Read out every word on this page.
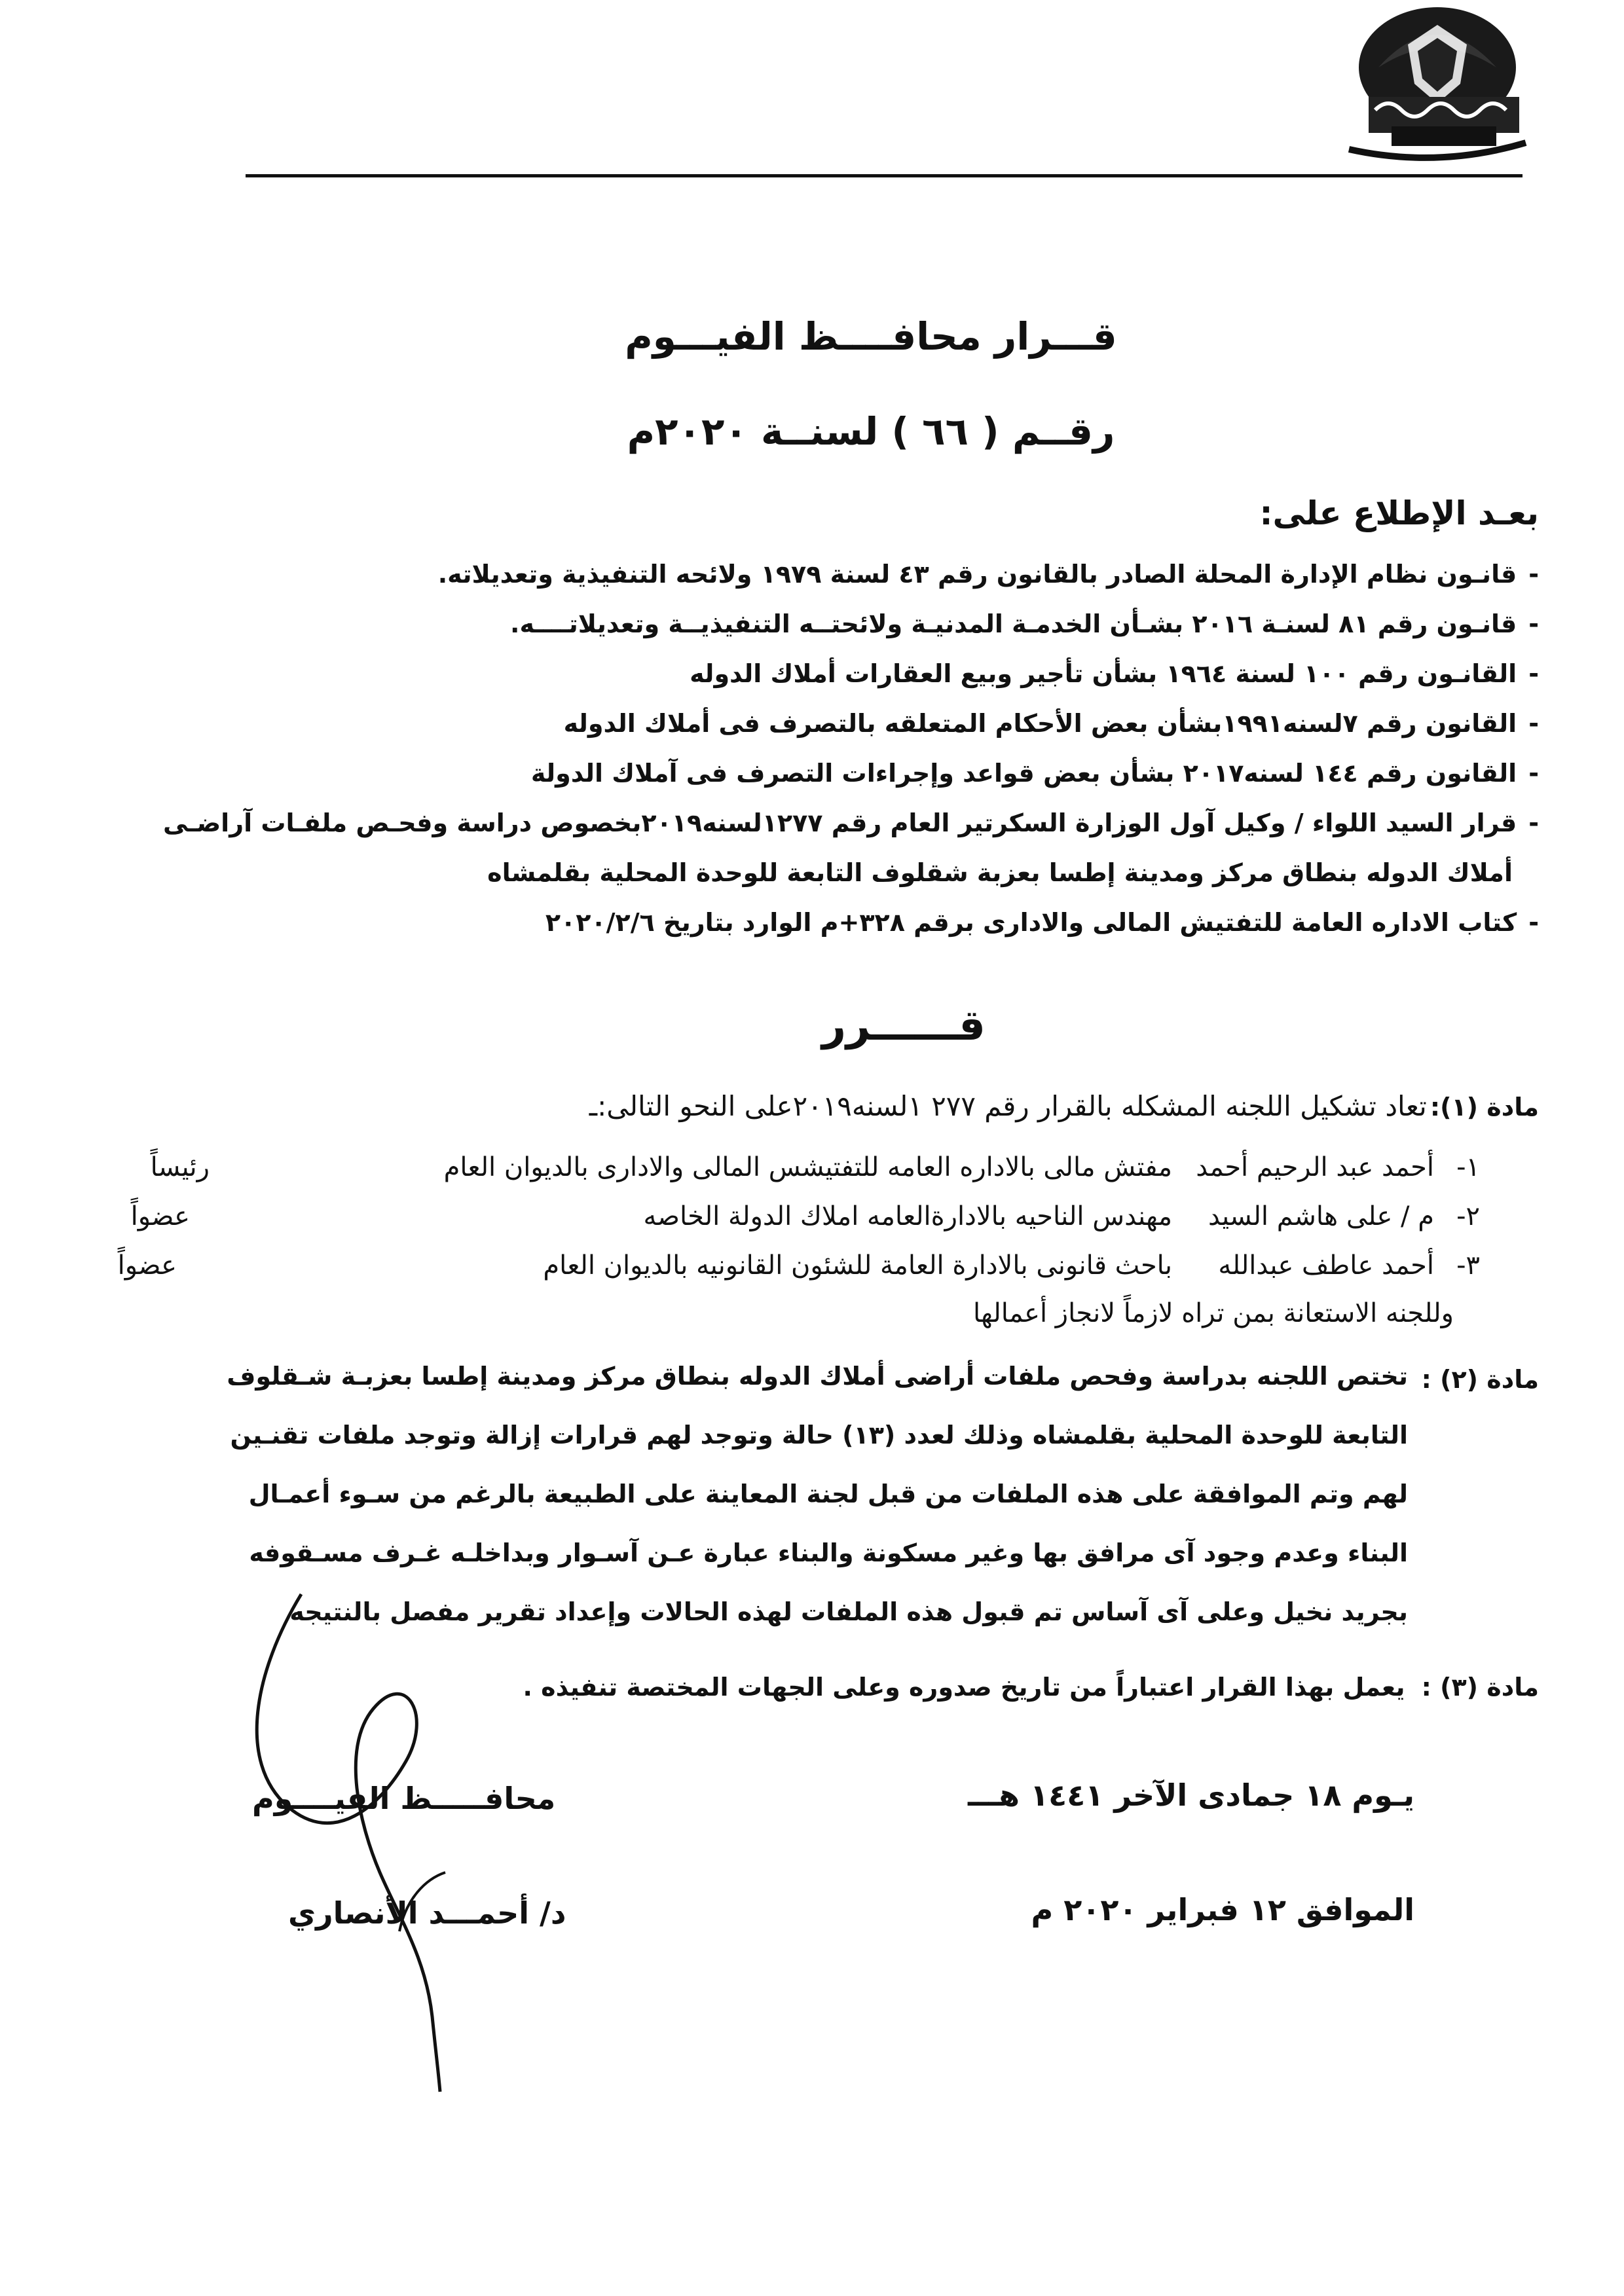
قـــرار محافــــظ الفيـــوم
رقــم ( ٦٦ ) لسنــة ٢٠٢٠م
بعـد الإطلاع على:
-قانـون نظام الإدارة المحلة الصادر بالقانون رقم ٤٣ لسنة ١٩٧٩ ولائحه التنفيذية وتعديلاته.
-قانـون رقم ٨١ لسنـة ٢٠١٦ بشـأن الخدمـة المدنيـة ولائحتــه التنفيذيــة وتعديلاتــــه.
-القانـون رقم ١٠٠ لسنة ١٩٦٤ بشأن تأجير وبيع العقارات أملاك الدوله
-القانون رقم ٧لسنه١٩٩١بشأن بعض الأحكام المتعلقه بالتصرف فى أملاك الدوله
-القانون رقم ١٤٤ لسنه٢٠١٧ بشأن بعض قواعد وإجراءات التصرف فى آملاك الدولة
-قرار السيد اللواء / وكيل آول الوزارة السكرتير العام رقم ١٢٧٧لسنه٢٠١٩بخصوص دراسة وفحـص ملفـات آراضـى
أملاك الدوله بنطاق مركز ومدينة إطسا بعزبة شقلوف التابعة للوحدة المحلية بقلمشاه
-كتاب الاداره العامة للتفتيش المالى والادارى برقم ٣٢٨+م الوارد بتاريخ ٢٠٢٠/٢/٦
قــــــرر
مادة (١): تعاد تشكيل اللجنه المشكله بالقرار رقم ٢٧٧ ١لسنه٢٠١٩على النحو التالى:ـ
١-
أحمد عبد الرحيم أحمد
مفتش مالى بالاداره العامه للتفتيشس المالى والادارى بالديوان العام
رئيساً
٢-
م / على هاشم السيد
مهندس الناحيه بالادارةالعامه املاك الدولة الخاصه
عضواً
٣-
أحمد عاطف عبدالله
باحث قانونى بالادارة العامة للشئون القانونيه بالديوان العام
عضواً
وللجنه الاستعانة بمن تراه لازماً لانجاز أعمالها
مادة (٢) :
تختص اللجنه بدراسة وفحص ملفات أراضى أملاك الدوله بنطاق مركز ومدينة إطسا بعزبـة شـقلوف
التابعة للوحدة المحلية بقلمشاه وذلك لعدد (١٣) حالة وتوجد لهم قرارات إزالة وتوجد ملفات تقنـين
لهم وتم الموافقة على هذه الملفات من قبل لجنة المعاينة على الطبيعة بالرغم من سـوء أعمـال
البناء وعدم وجود آى مرافق بها وغير مسكونة والبناء عبارة عـن آسـوار وبداخلـه غـرف مسـقوفه
بجريد نخيل وعلى آى آساس تم قبول هذه الملفات لهذه الحالات وإعداد تقرير مفصل بالنتيجه
مادة (٣) : يعمل بهذا القرار اعتباراً من تاريخ صدوره وعلى الجهات المختصة تنفيذه .
يـوم ١٨ جمادى الآخر ١٤٤١ هـــ
الموافق ١٢ فبراير ٢٠٢٠ م
محافـــــظ الفيــــوم
د/ أحمـــد الأنصاري
